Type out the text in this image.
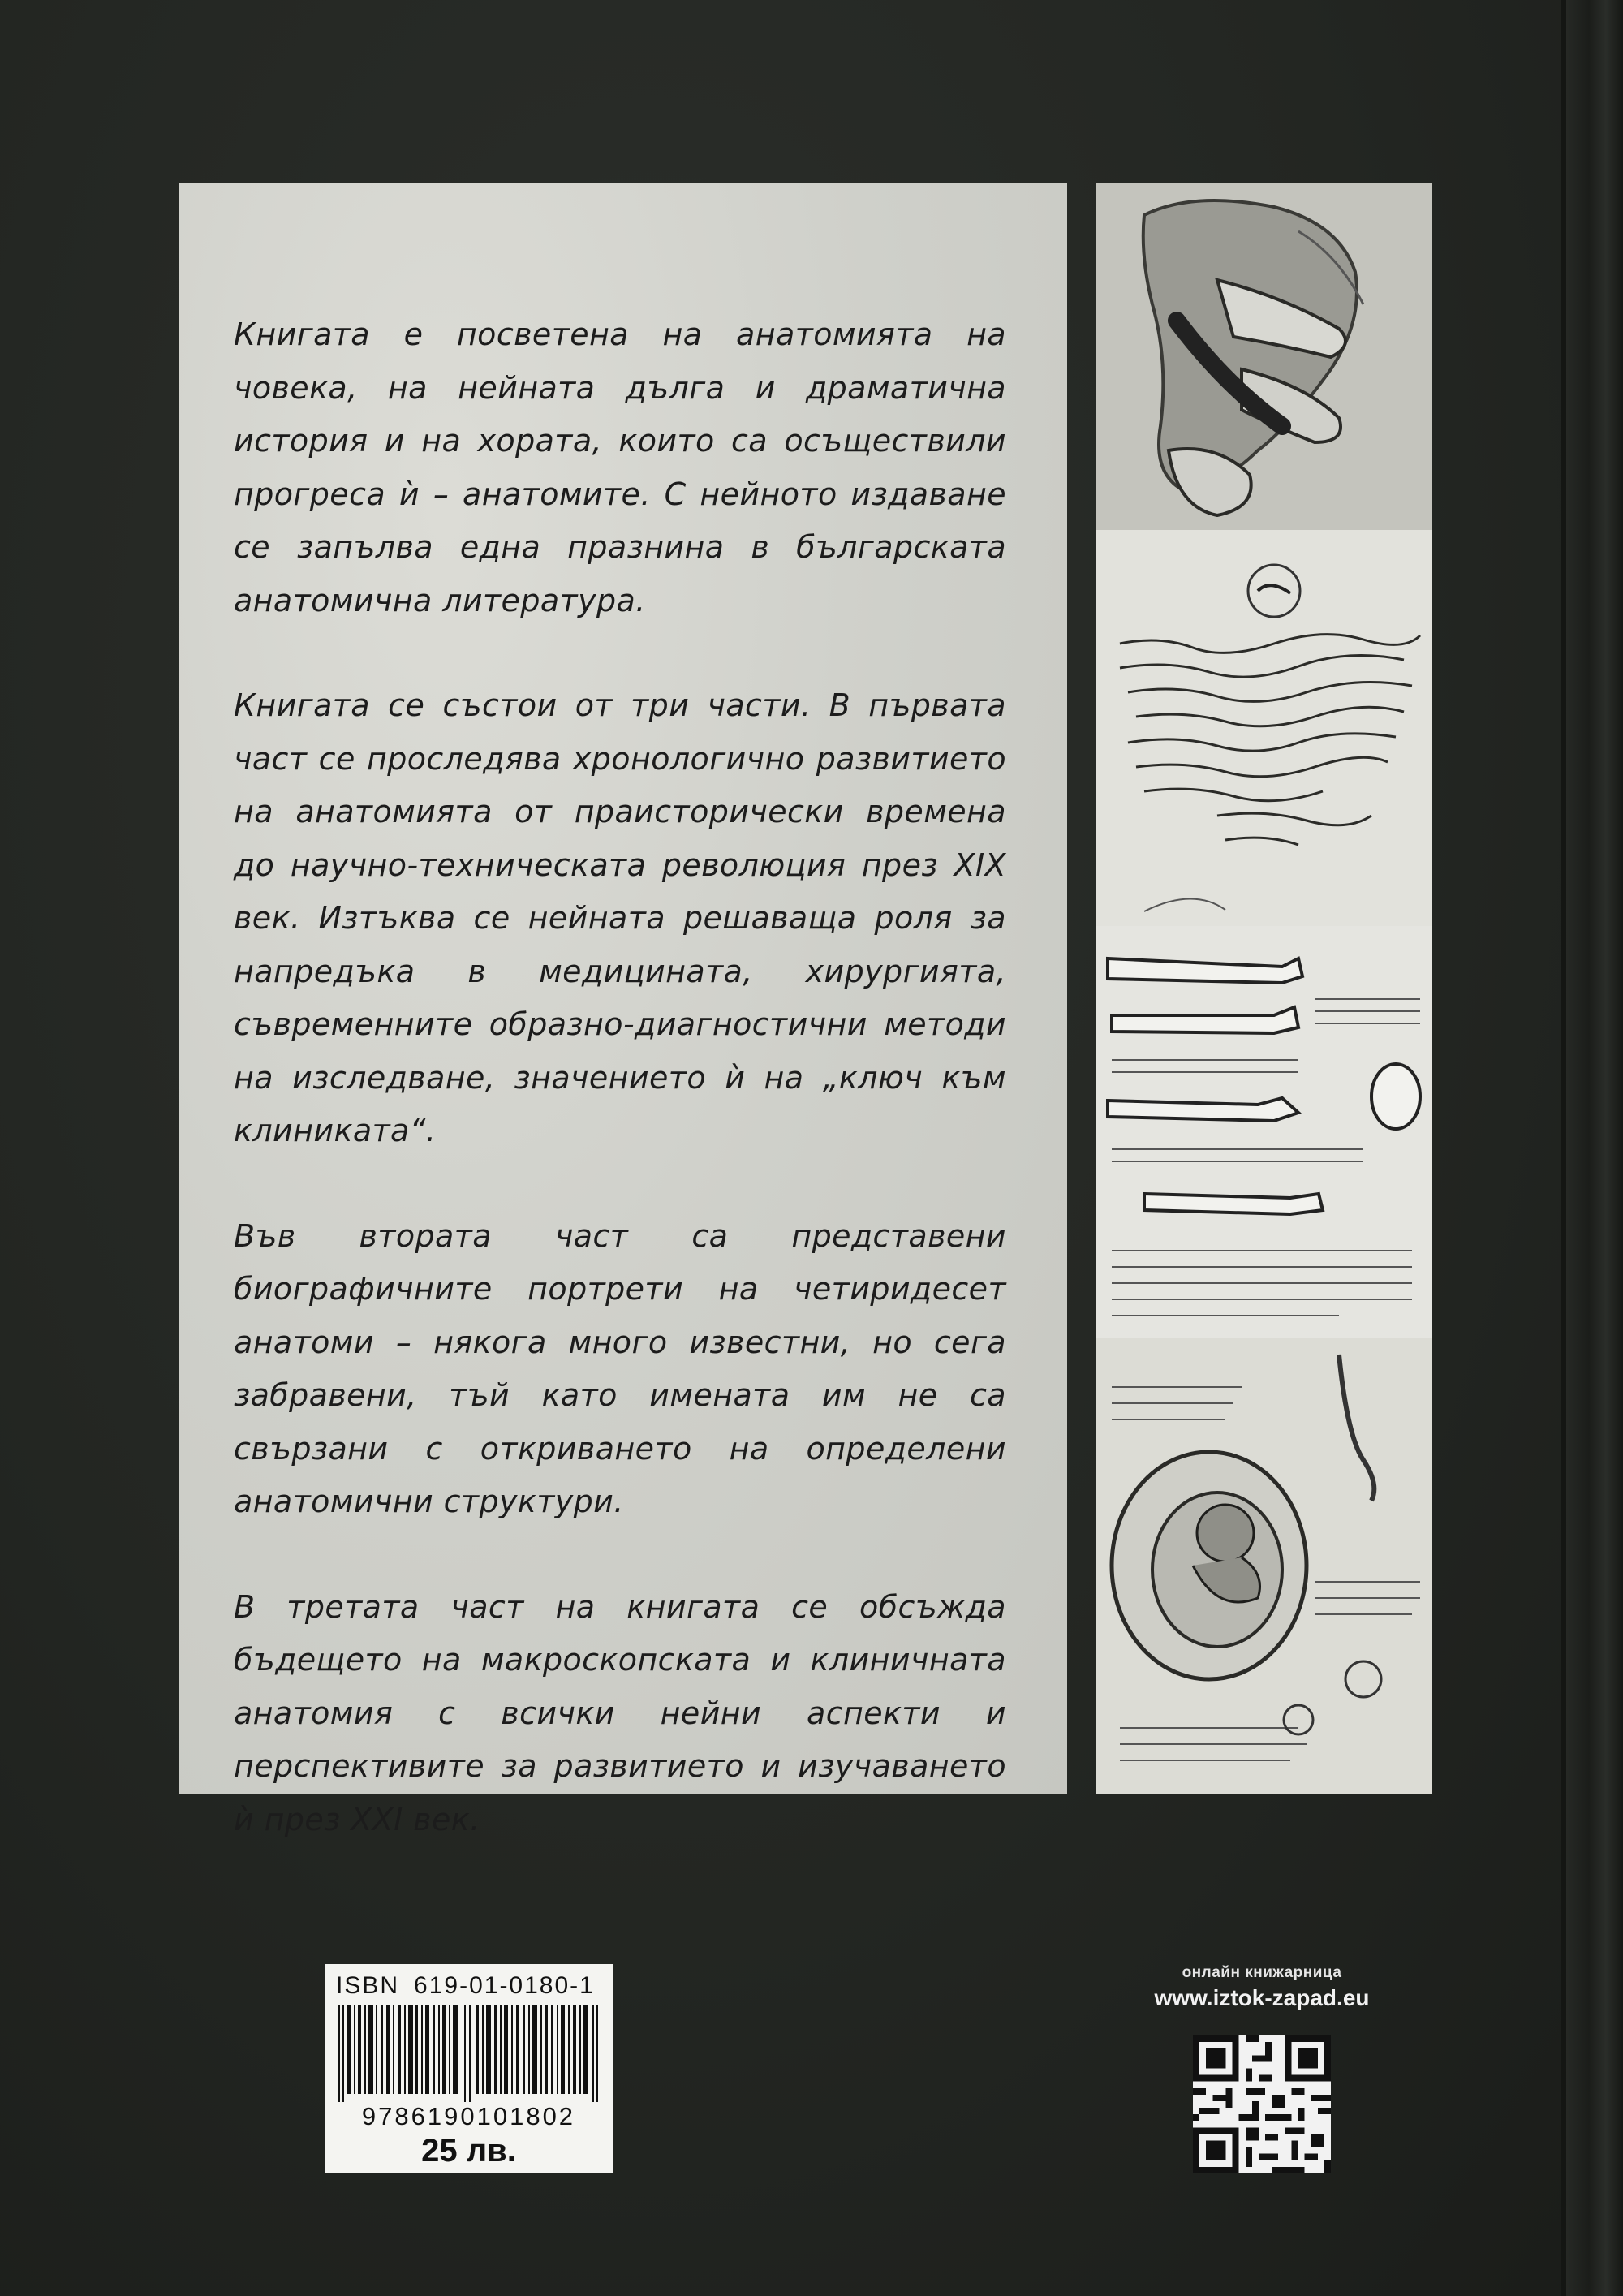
Книгата е посветена на анатомията на човека, на нейната дълга и драматична история и на хората, които са осъществили прогреса ѝ – анатомите. С нейното издаване се запълва една празнина в българската анатомична литература.

Книгата се състои от три части. В първата част се проследява хронологично развитието на анатомията от праисторически времена до научно-техническата революция през XIX век. Изтъква се нейната решаваща роля за напредъка в медицината, хирургията, съвременните образно-диагностични методи на изследване, значението ѝ на „ключ към клиниката“.

Във втората част са представени биографичните портрети на четиридесет анатоми – някога много известни, но сега забравени, тъй като имената им не са свързани с откриването на определени анатомични структури.

В третата част на книгата се обсъжда бъдещето на макроскопската и клиничната анатомия с всички нейни аспекти и перспективите за развитието и изучаването ѝ през XXI век.

ISBN 619-01-0180-1
9786190101802
25 лв.
онлайн книжарница
www.iztok-zapad.eu
